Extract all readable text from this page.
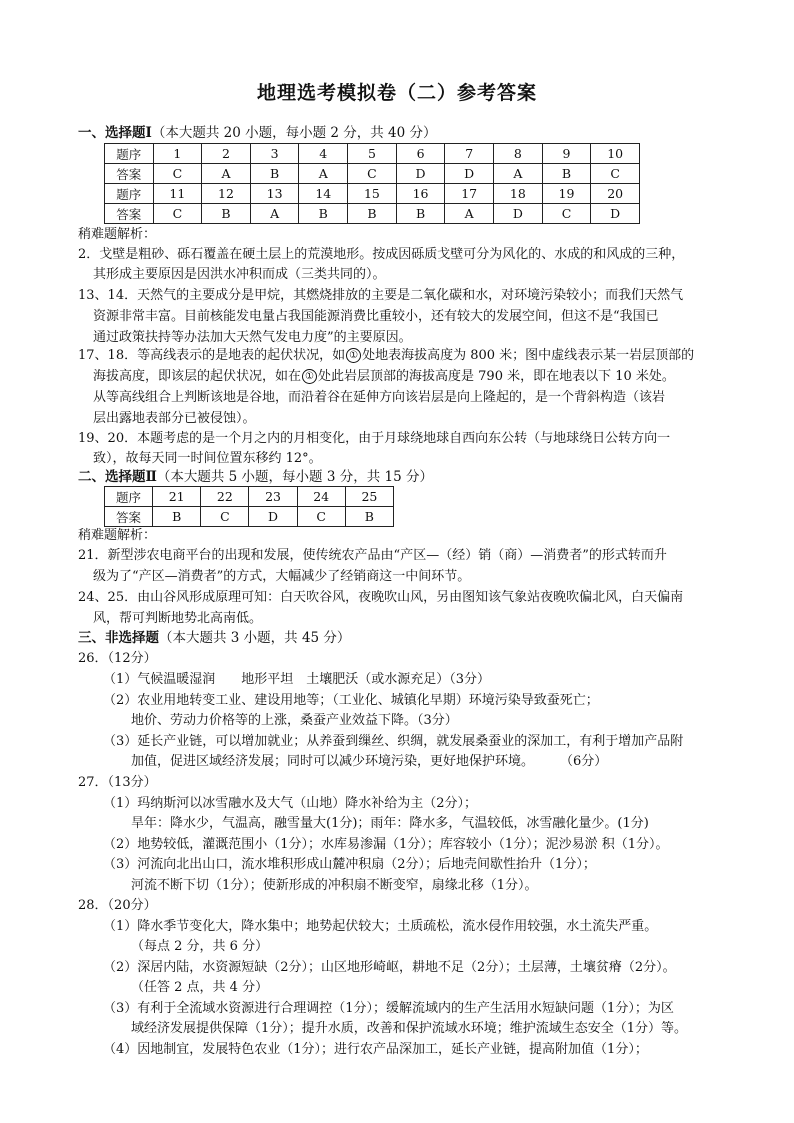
地理选考模拟卷（二）参考答案
一、选择题Ⅰ（本大题共 20 小题，每小题 2 分，共 40 分）
题序	1	2	3	4	5	6	7	8	9	10
答案	C	A	B	A	C	D	D	A	B	C
题序	11	12	13	14	15	16	17	18	19	20
答案	C	B	A	B	B	B	A	D	C	D
稍难题解析：
2．戈壁是粗砂、砾石覆盖在硬土层上的荒漠地形。按成因砾质戈壁可分为风化的、水成的和风成的三种，
其形成主要原因是因洪水冲积而成（三类共同的）。
13、14．天然气的主要成分是甲烷，其燃烧排放的主要是二氧化碳和水，对环境污染较小；而我们天然气
资源非常丰富。目前核能发电量占我国能源消费比重较小，还有较大的发展空间，但这不是“我国已
通过政策扶持等办法加大天然气发电力度”的主要原因。
17、18．等高线表示的是地表的起伏状况，如 ① 处地表海拔高度为 800 米；图中虚线表示某一岩层顶部的
海拔高度，即该层的起伏状况，如在 ① 处此岩层顶部的海拔高度是 790 米，即在地表以下 10 米处。
从等高线组合上判断该地是谷地，而沿着谷在延伸方向该岩层是向上隆起的，是一个背斜构造（该岩
层出露地表部分已被侵蚀）。
19、20．本题考虑的是一个月之内的月相变化，由于月球绕地球自西向东公转（与地球绕日公转方向一
致），故每天同一时间位置东移约 12°。
二、选择题Ⅱ（本大题共 5 小题，每小题 3 分，共 15 分）
题序	21	22	23	24	25
答案	B	C	D	C	B
稍难题解析：
21．新型涉农电商平台的出现和发展，使传统农产品由“产区—（经）销（商）—消费者”的形式转而升
级为了“产区—消费者”的方式，大幅减少了经销商这一中间环节。
24、25．由山谷风形成原理可知：白天吹谷风，夜晚吹山风，另由图知该气象站夜晚吹偏北风，白天偏南
风，帮可判断地势北高南低。
三、非选择题（本大题共 3 小题，共 45 分）
26．（12分）
（1）气候温暖湿润　　地形平坦　土壤肥沃（或水源充足）（3分）
（2）农业用地转变工业、建设用地等；（工业化、城镇化早期）环境污染导致蚕死亡；
地价、劳动力价格等的上涨，桑蚕产业效益下降。（3分）
（3）延长产业链，可以增加就业；从养蚕到缫丝、织绸，就发展桑蚕业的深加工，有利于增加产品附
加值，促进区域经济发展；同时可以减少环境污染，更好地保护环境。　　　（6分）
27．（13分）
（1）玛纳斯河以冰雪融水及大气（山地）降水补给为主（2分）；
旱年：降水少，气温高，融雪量大(1分)；雨年：降水多，气温较低，冰雪融化量少。(1分)
（2）地势较低，灌溉范围小（1分）；水库易渗漏（1分）；库容较小（1分）；泥沙易淤 积（1分）。
（3）河流向北出山口，流水堆积形成山麓冲积扇（2分）；后地壳间歇性抬升（1分）；
河流不断下切（1分）；使新形成的冲积扇不断变窄，扇缘北移（1分）。
28．（20分）
（1）降水季节变化大，降水集中；地势起伏较大；土质疏松，流水侵作用较强，水土流失严重。
（每点 2 分，共 6 分）
（2）深居内陆，水资源短缺（2分）；山区地形崎岖，耕地不足（2分）；土层薄，土壤贫瘠（2分）。
（任答 2 点，共 4 分）
（3）有利于全流域水资源进行合理调控（1分）；缓解流域内的生产生活用水短缺问题（1分）；为区
域经济发展提供保障（1分）；提升水质，改善和保护流域水环境；维护流域生态安全（1分）等。
（4）因地制宜，发展特色农业（1分）；进行农产品深加工，延长产业链，提高附加值（1分）；
